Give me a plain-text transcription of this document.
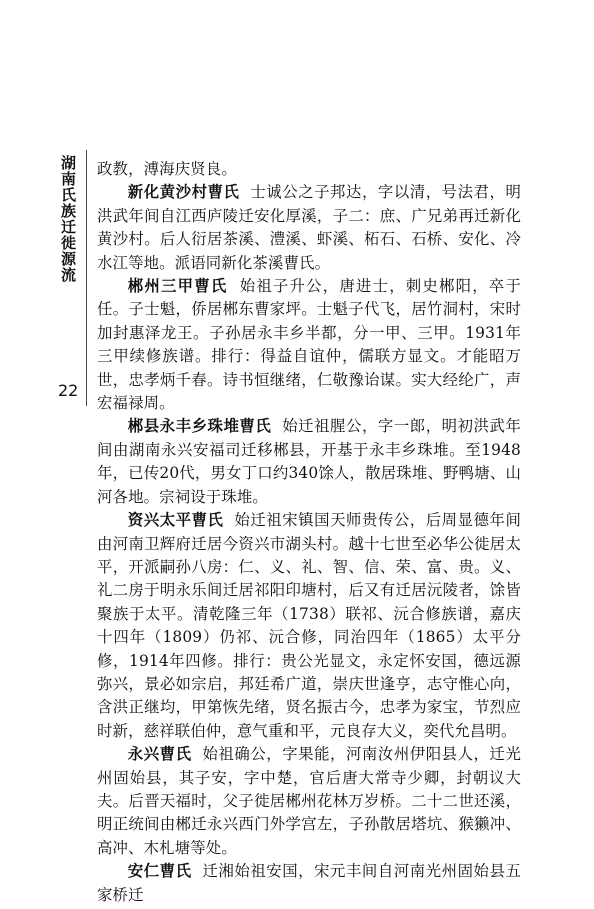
湖南氏族迁徙源流
22

政教，溥海庆贤良。

新化黄沙村曹氏 士诚公之子邦达，字以清，号法君，明洪武年间自江西庐陵迁安化厚溪，子二：庶、广兄弟再迁新化黄沙村。后人衍居茶溪、澧溪、虾溪、柘石、石桥、安化、冷水江等地。派语同新化茶溪曹氏。

郴州三甲曹氏 始祖子升公，唐进士，刺史郴阳，卒于任。子士魁，侨居郴东曹家坪。士魁子代飞，居竹洞村，宋时加封惠泽龙王。子孙居永丰乡半都，分一甲、三甲。1931年三甲续修族谱。排行：得益自谊仲，儒联方显文。才能昭万世，忠孝炳千春。诗书恒继绪，仁敬豫诒谋。实大经纶广，声宏福禄周。

郴县永丰乡珠堆曹氏 始迁祖腥公，字一郎，明初洪武年间由湖南永兴安福司迁移郴县，开基于永丰乡珠堆。至1948年，已传20代，男女丁口约340馀人，散居珠堆、野鸭塘、山河各地。宗祠设于珠堆。

资兴太平曹氏 始迁祖宋镇国天师贵传公，后周显德年间由河南卫辉府迁居今资兴市湖头村。越十七世至必华公徙居太平，开派嗣孙八房：仁、义、礼、智、信、荣、富、贵。义、礼二房于明永乐间迁居祁阳印塘村，后又有迁居沅陵者，馀皆聚族于太平。清乾隆三年（1738）联祁、沅合修族谱，嘉庆十四年（1809）仍祁、沅合修，同治四年（1865）太平分修，1914年四修。排行：贵公光显文，永定怀安国，德远源弥兴，景必如宗启，邦廷希广道，崇庆世逢亨，志守惟心向，含洪正继均，甲第恢先绪，贤名振古今，忠孝为家宝，节烈应时新，慈祥联伯仲，意气重和平，元良存大义，奕代允昌明。

永兴曹氏 始祖确公，字果能，河南汝州伊阳县人，迁光州固始县，其子安，字中楚，官后唐大常寺少卿，封朝议大夫。后晋天福时，父子徙居郴州花林万岁桥。二十二世还溪，明正统间由郴迁永兴西门外学宫左，子孙散居塔坑、猴獭冲、高冲、木札塘等处。

安仁曹氏 迁湘始祖安国，宋元丰间自河南光州固始县五家桥迁
